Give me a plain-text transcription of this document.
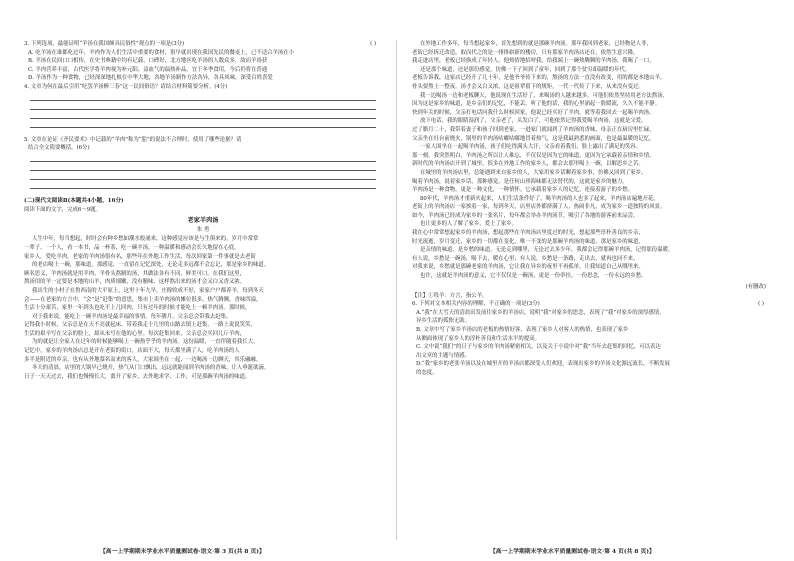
3. 下列选项，最能证明“羊汤在我国颇具民俗性”观点的一项是(3分)	( )
A. 吃羊汤在谁都吃过年，羊肉作为人们生活中重要的食材，很早就出现在我国先民的餐桌上，已不适合羊汤在小
B. 羊汤在民间口口相传，在史书典籍中均有记载，口碑好，北方地区吃羊汤的人数众多，故而羊汤获
C. 羊肉营养丰富，古代医学将羊肉视为补元阳、益血气的温热补品，宜于冬季食用，今后仍将在普通
D. 羊汤作为一种食物，已经深深地扎根在中华大地，各地羊汤制作方法各异，各具风味，深受百姓喜爱
4. 文章为何在最后引用“吃罢羊汤醉三春”这一民间俗语？请结合材料简要分析。(4分)
5. 文章在论证《齐民要术》中记载的“羊肉”称为“脍”的说法不合理时，使用了哪些论据？请
结合全文简要概括。(6分)
(二)现代文阅读Ⅱ(本题共4小题，16分)
阅读下面的文字，完成6～9题。
老家羊肉汤
朱 勇
人生中年，每当想起，时时会有种乡愁如潮水般涌来，这种感觉应该是与生俱来的，岁月中常常
一辈子。一个人，看一本书，品一杯茶，吃一碗羊汤，一种温暖和感动会长久地留在心底。
家乡人，爱吃羊肉。老家的羊肉汤很有名，那些年在外地工作生活，每次回家第一件事就是去老街
的老店喝上一碗，那味道，那感觉，一直留在记忆深处，无论走多远都不会忘记，那是家乡的味道。
顾名思义，羊肉汤就是用羊肉、羊骨头熬制的汤，其做法各有不同，鲜美可口。在我们这里，
熬汤用的羊一定要是本地的山羊，肉质细嫩，没有膻味，这样熬出来的汤才会又白又香又浓。
我出生的小村子在鲁西南的大平原上，这里十年九旱，庄稼收成不好，家家户户都养羊，每到冬天
会——在老家的方言中，“会”是“赶集”的意思，集市上卖羊肉汤的摊位很多，热气腾腾，香味四溢，
生活十分艰苦，家里一年到头也吃不上几回肉，只有过年的时候才能吃上一顿羊肉汤。那时候，
对于我来说，能吃上一碗羊肉汤是最幸福的事情。每年腊月，父亲总会带我去赶集。
记得我小时候，父亲总是在天不亮就起床，带着我走十几里的山路去镇上赶集，一路上说说笑笑，
生活的艰辛写在父亲的脸上，却从未写在他的心里。每次赶集回来，父亲总会买回几斤羊肉，
为的就是让全家人在过年的时候能够喝上一碗热乎乎的羊肉汤。这份温暖，一直伴随着我长大。
记忆中，家乡的羊肉汤店总是开在老街的街口，店面不大，每天都坐满了人，吃羊肉汤的人
多半是附近的乡亲，也有从外地慕名而来的客人，大家围坐在一起，一边喝汤一边聊天，其乐融融。
冬天的清晨，店里的大锅早已烧开，热气从门口飘出，远远就能闻到羊肉汤的香味，让人垂涎欲滴。
日子一天天过去，我们也慢慢长大，离开了家乡，去外地求学、工作，可是那碗羊肉汤的味道，
在外地工作多年，每当想起家乡，首先想到的就是那碗羊肉汤。那年我回到老家，已经物是人非，
老街已经拆迁改造，取而代之的是一排排崭新的楼房，只有那家羊肉汤店还在，依然生意兴隆。
我走进店里，老板已经换成了年轻人，他热情地招呼我，给我端上一碗热腾腾的羊肉汤，我喝了一口，
还是那个味道，还是那份感觉，仿佛一下子回到了童年，回到了那个贫穷却温暖的年代。
老板告诉我，这家店已经开了几十年，是他爷爷传下来的，熬汤的方法一直没有改变，用的都是本地山羊，
骨头要熬上一整夜，汤才会又白又浓，这是祖辈留下的规矩，一代一代传了下来，从来没有变过。
我一边喝汤一边和老板聊天，他说现在生活好了，来喝汤的人越来越多，可他们依然坚持用老方法熬汤，
因为这是家乡的味道，是乡亲们的记忆，不能丢。听了他的话，我的心里涌起一股暖流，久久不能平静。
快到年关的时候，父亲打电话问我什么时候回家，他说已经买好了羊肉，就等着我回去一起喝羊肉汤。
放下电话，我的眼睛湿润了，父亲老了，头发白了，可他依然记得我爱喝羊肉汤，这就是父爱。
过了腊月二十，我带着妻子和孩子回到老家，一进家门就闻到了羊肉汤的香味，母亲正在厨房里忙碌，
父亲坐在灶台前烧火，锅里的羊肉汤咕嘟咕嘟地冒着热气，这是我最熟悉的画面，也是最温暖的记忆。
一家人围坐在一起喝羊肉汤，孩子们吃得满头大汗，父亲看着我们，脸上露出了满足的笑容。
那一刻，我突然明白，羊肉汤之所以让人难忘，不仅仅是因为它的味道，更因为它承载着亲情和乡情。
新时代的羊肉汤店开到了城里，很多在外地工作的家乡人，都会去那里喝上一碗，以解思乡之苦。
在城里的羊肉汤店里，总能遇到来自家乡的人，大家用家乡话聊着家乡事，仿佛又回到了家乡。
喝着羊肉汤，说着家乡话，那种感觉，是任何山珍海味都无法替代的，这就是家乡的魅力。
羊肉汤是一种食物，更是一种文化，一种情怀。它承载着家乡人的记忆，连接着游子的乡愁。
80年代，羊肉汤才重新火起来，人们生活条件好了，喝羊肉汤的人也多了起来，羊肉汤店遍地开花，
老街上的羊肉汤店一家挨着一家，每到冬天，店里店外都挤满了人，热闹非凡，成为家乡一道独特的风景。
如今，羊肉汤已经成为家乡的一张名片，每年都会举办羊肉汤节，吸引了各地的游客前来品尝，
也让更多的人了解了家乡，爱上了家乡。
我在心中常常想起家乡的羊肉汤，想起那些在羊肉汤店里度过的时光，想起那些淳朴善良的乡亲，
时光流逝，岁月变迁，家乡的一切都在变化，唯一不变的是那碗羊肉汤的味道，那是家乡的味道，
是亲情的味道，是乡愁的味道。无论走到哪里，无论过去多少年，我都会记得那碗羊肉汤，记得那份温暖。
有人说，乡愁是一碗汤，喝下去，暖在心里；有人说，乡愁是一条路，走出去，就再也回不来。
对我来说，乡愁就是那碗老家的羊肉汤，它让我在异乡的夜里不再孤单，让我知道自己从哪里来。
也许，这就是羊肉汤的意义，它不仅仅是一碗汤，更是一份牵挂，一份思念，一份永远的乡愁。
(有删改)
【注】①羖羊：方言，指公羊。
6. 下列对文本相关内容的理解，不正确的一项是(3分)	( )
A.“我”在大雪天的清晨出发前往家乡的羊汤店，说明“我”对家乡的思念，表现了“我”对家乡的深厚感情。
异乡生活的孤独无助。
B. 文章中写了家乡羊汤店的老板的热情好客，表现了家乡人对客人的热情，也表现了家乡
从侧面体现了家乡人的淳朴善良和生活水平的提高。
C. 文中说“我们”的日子与家乡的羊肉汤紧密相关，以及关于小说中对“我”当年去赶集的回忆，可以表达
出文章的主题与情感。
D.“我”家乡的老张羊汤以及在城里开的羊汤店都深受人们欢迎，表现出家乡的羊汤文化源远流长，不断发展
的态度。
【高一上学期期末学业水平质量测试卷·语文·第 3 页(共 8 页)】	【高一上学期期末学业水平质量测试卷·语文·第 4 页(共 8 页)】
